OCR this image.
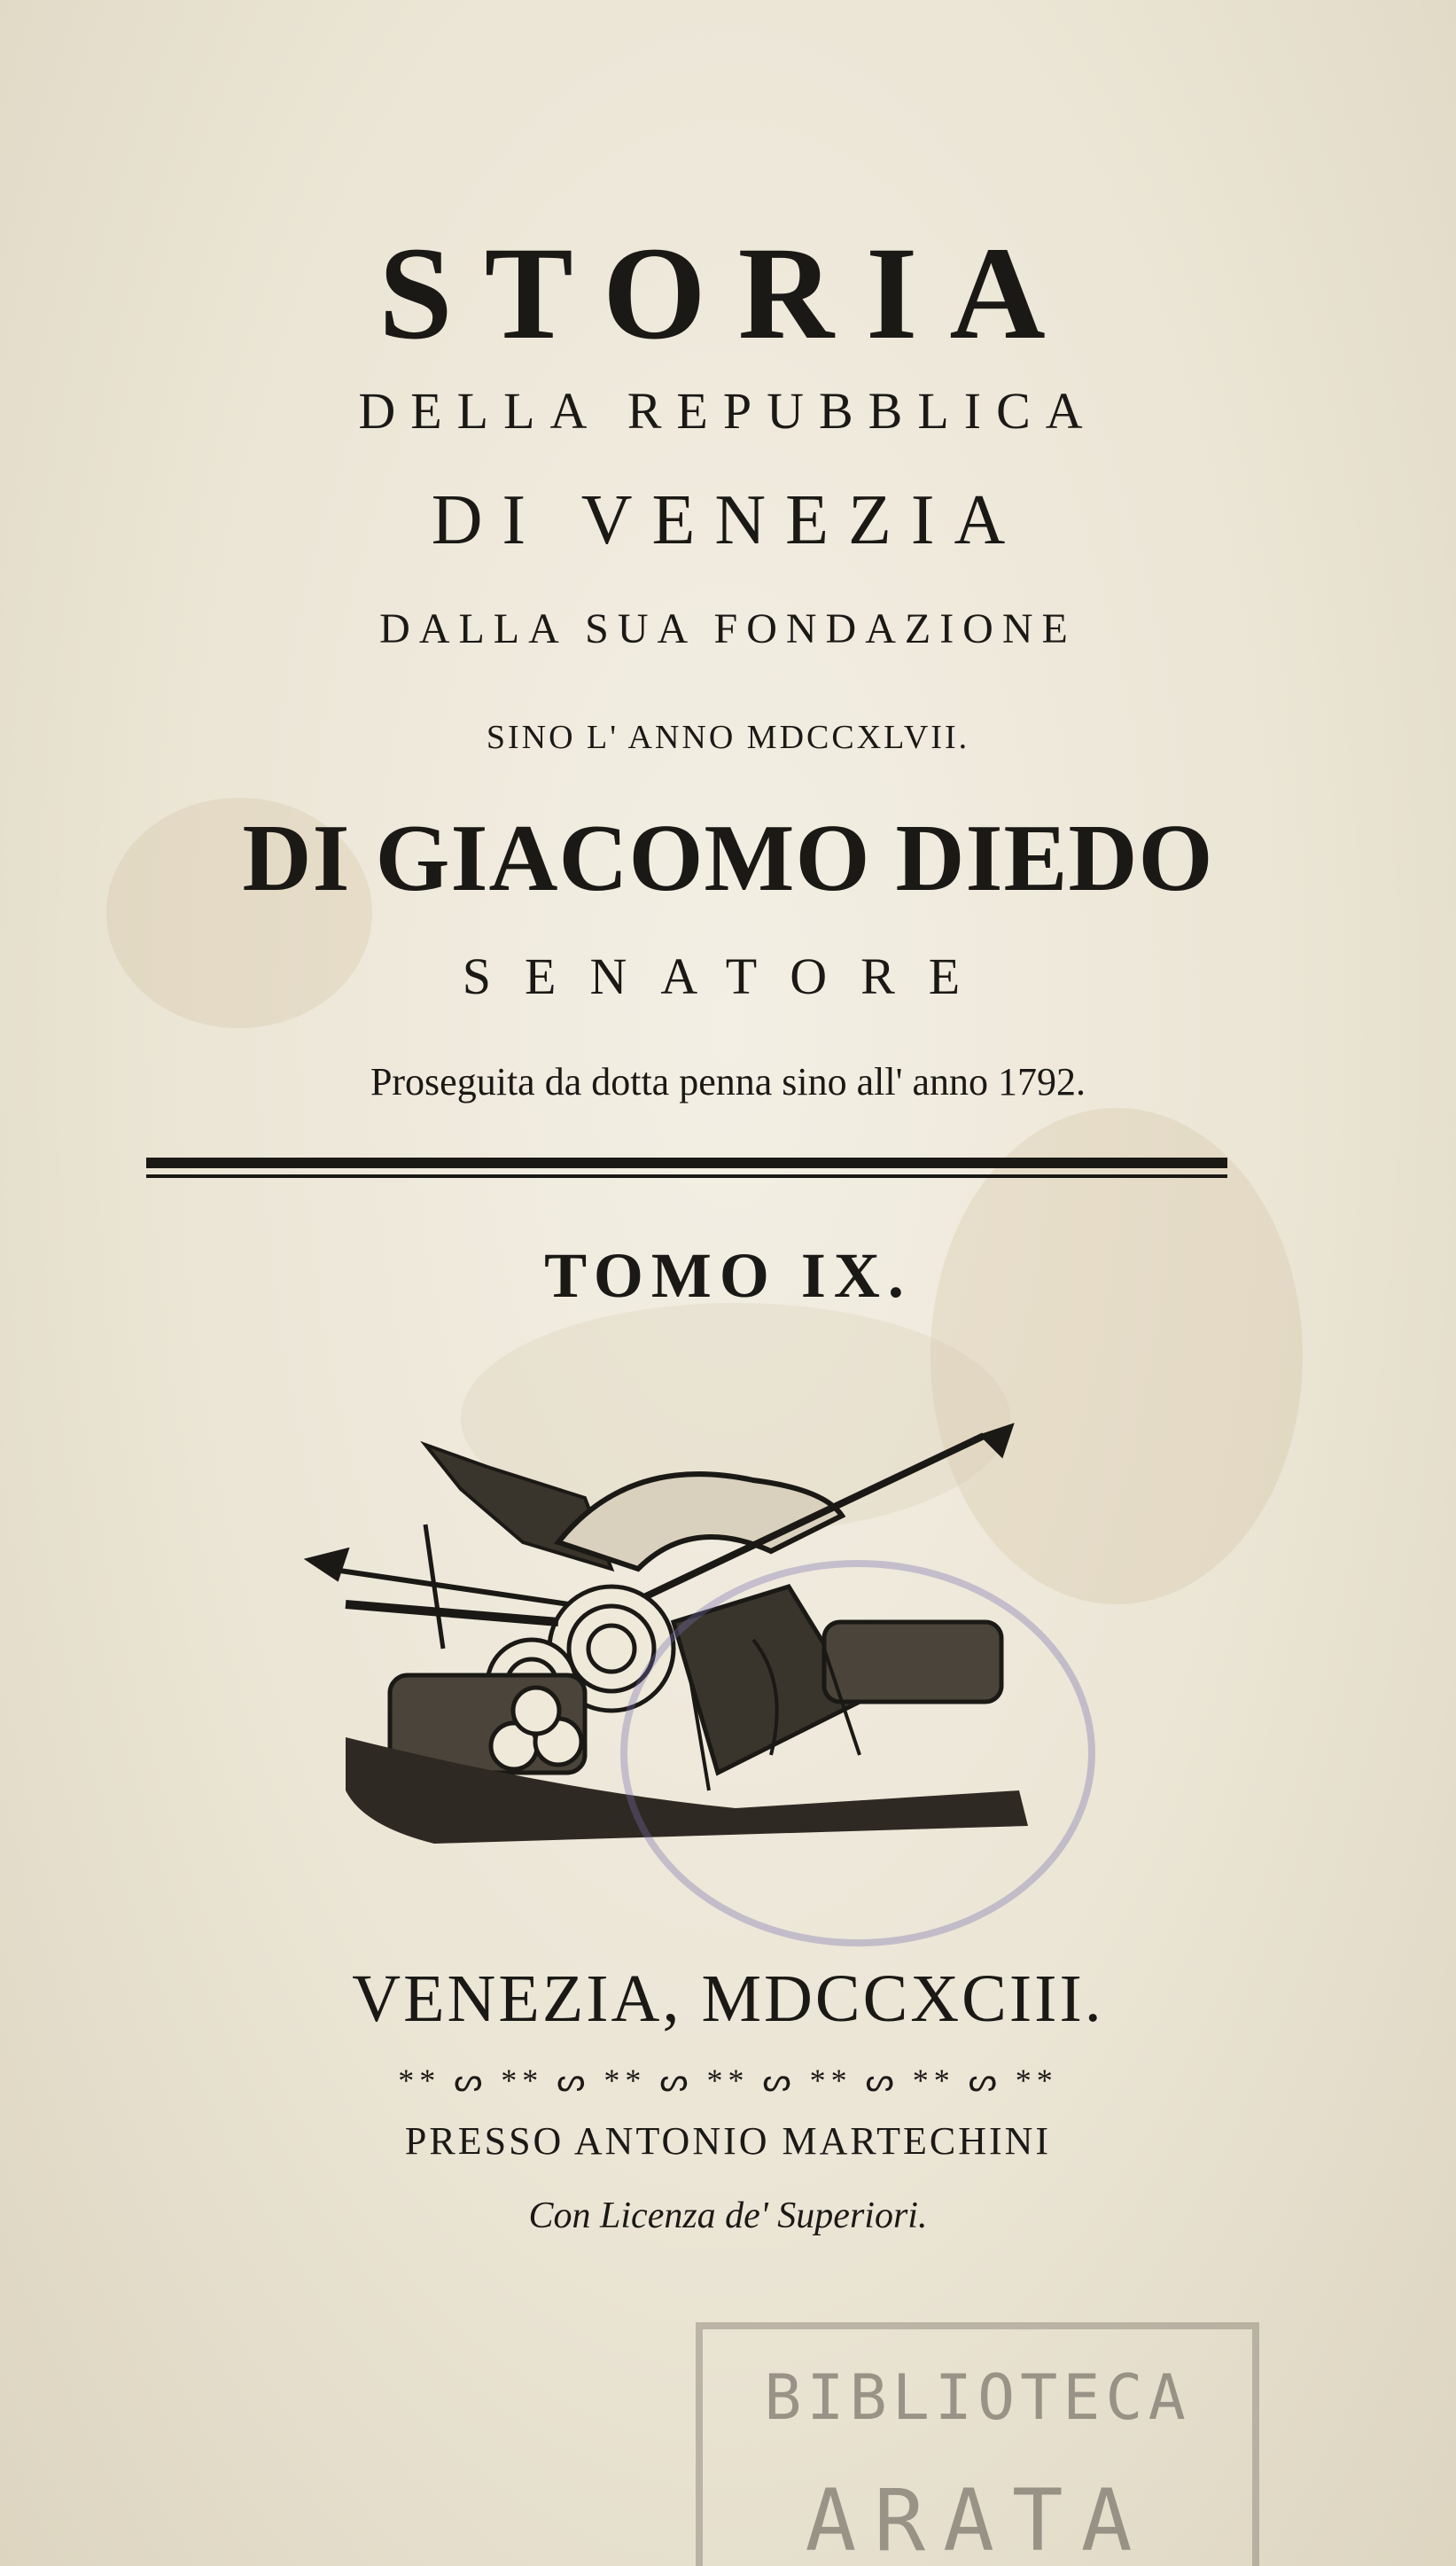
STORIA
DELLA REPUBBLICA
DI VENEZIA
DALLA SUA FONDAZIONE
SINO L' ANNO MDCCXLVII.
DI GIACOMO DIEDO
SENATORE
Proseguita da dotta penna sino all' anno 1792.
TOMO IX.
VENEZIA, MDCCXCIII.
** ᔕ ** ᔕ ** ᔕ ** ᔕ ** ᔕ ** ᔕ **
PRESSO ANTONIO MARTECHINI
Con Licenza de' Superiori.
BIBLIOTECA
ARATA
